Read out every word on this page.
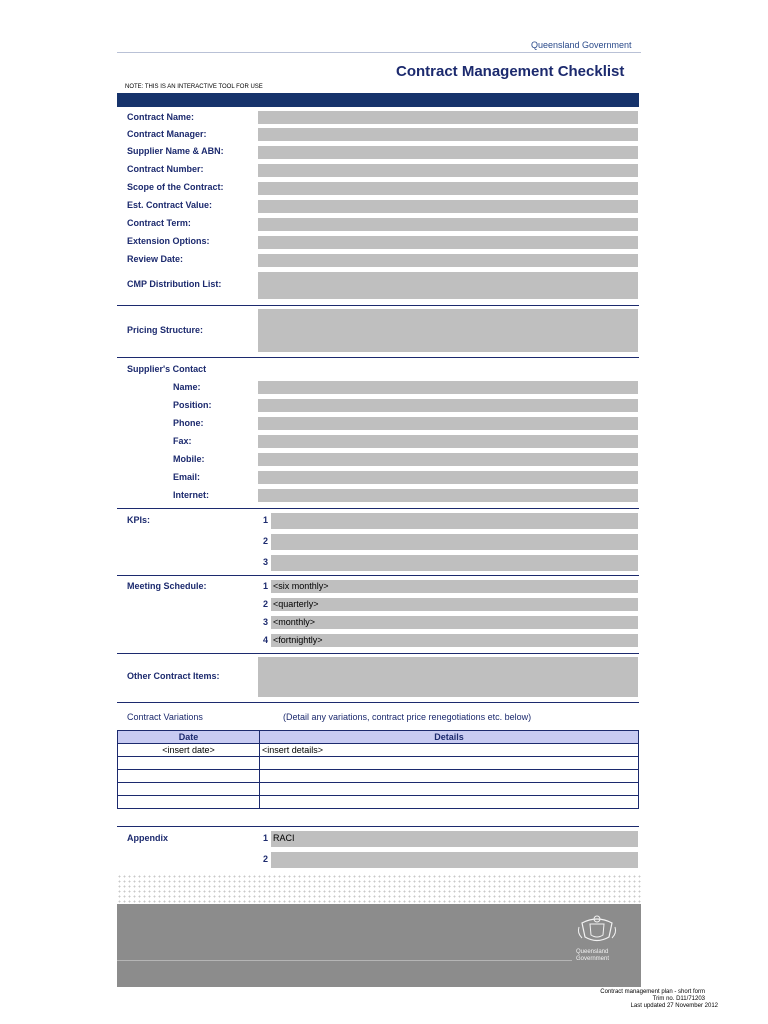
Queensland Government
Contract Management Checklist
NOTE: THIS IS AN INTERACTIVE TOOL FOR USE
Contract Name:
Contract Manager:
Supplier Name & ABN:
Contract Number:
Scope of the Contract:
Est. Contract Value:
Contract Term:
Extension Options:
Review Date:
CMP Distribution List:
Pricing Structure:
Supplier's Contact
Name:
Position:
Phone:
Fax:
Mobile:
Email:
Internet:
KPIs:	1
2
3
Meeting Schedule:	1 <six monthly>
2 <quarterly>
3 <monthly>
4 <fortnightly>
Other Contract Items:
Contract Variations	(Detail any variations, contract price renegotiations etc. below)
Date	Details
<insert date>	<insert details>

Appendix	1 RACI
2
Queensland Government
Contract management plan - short form
Trim no. D11/71203
Last updated 27 November 2012
